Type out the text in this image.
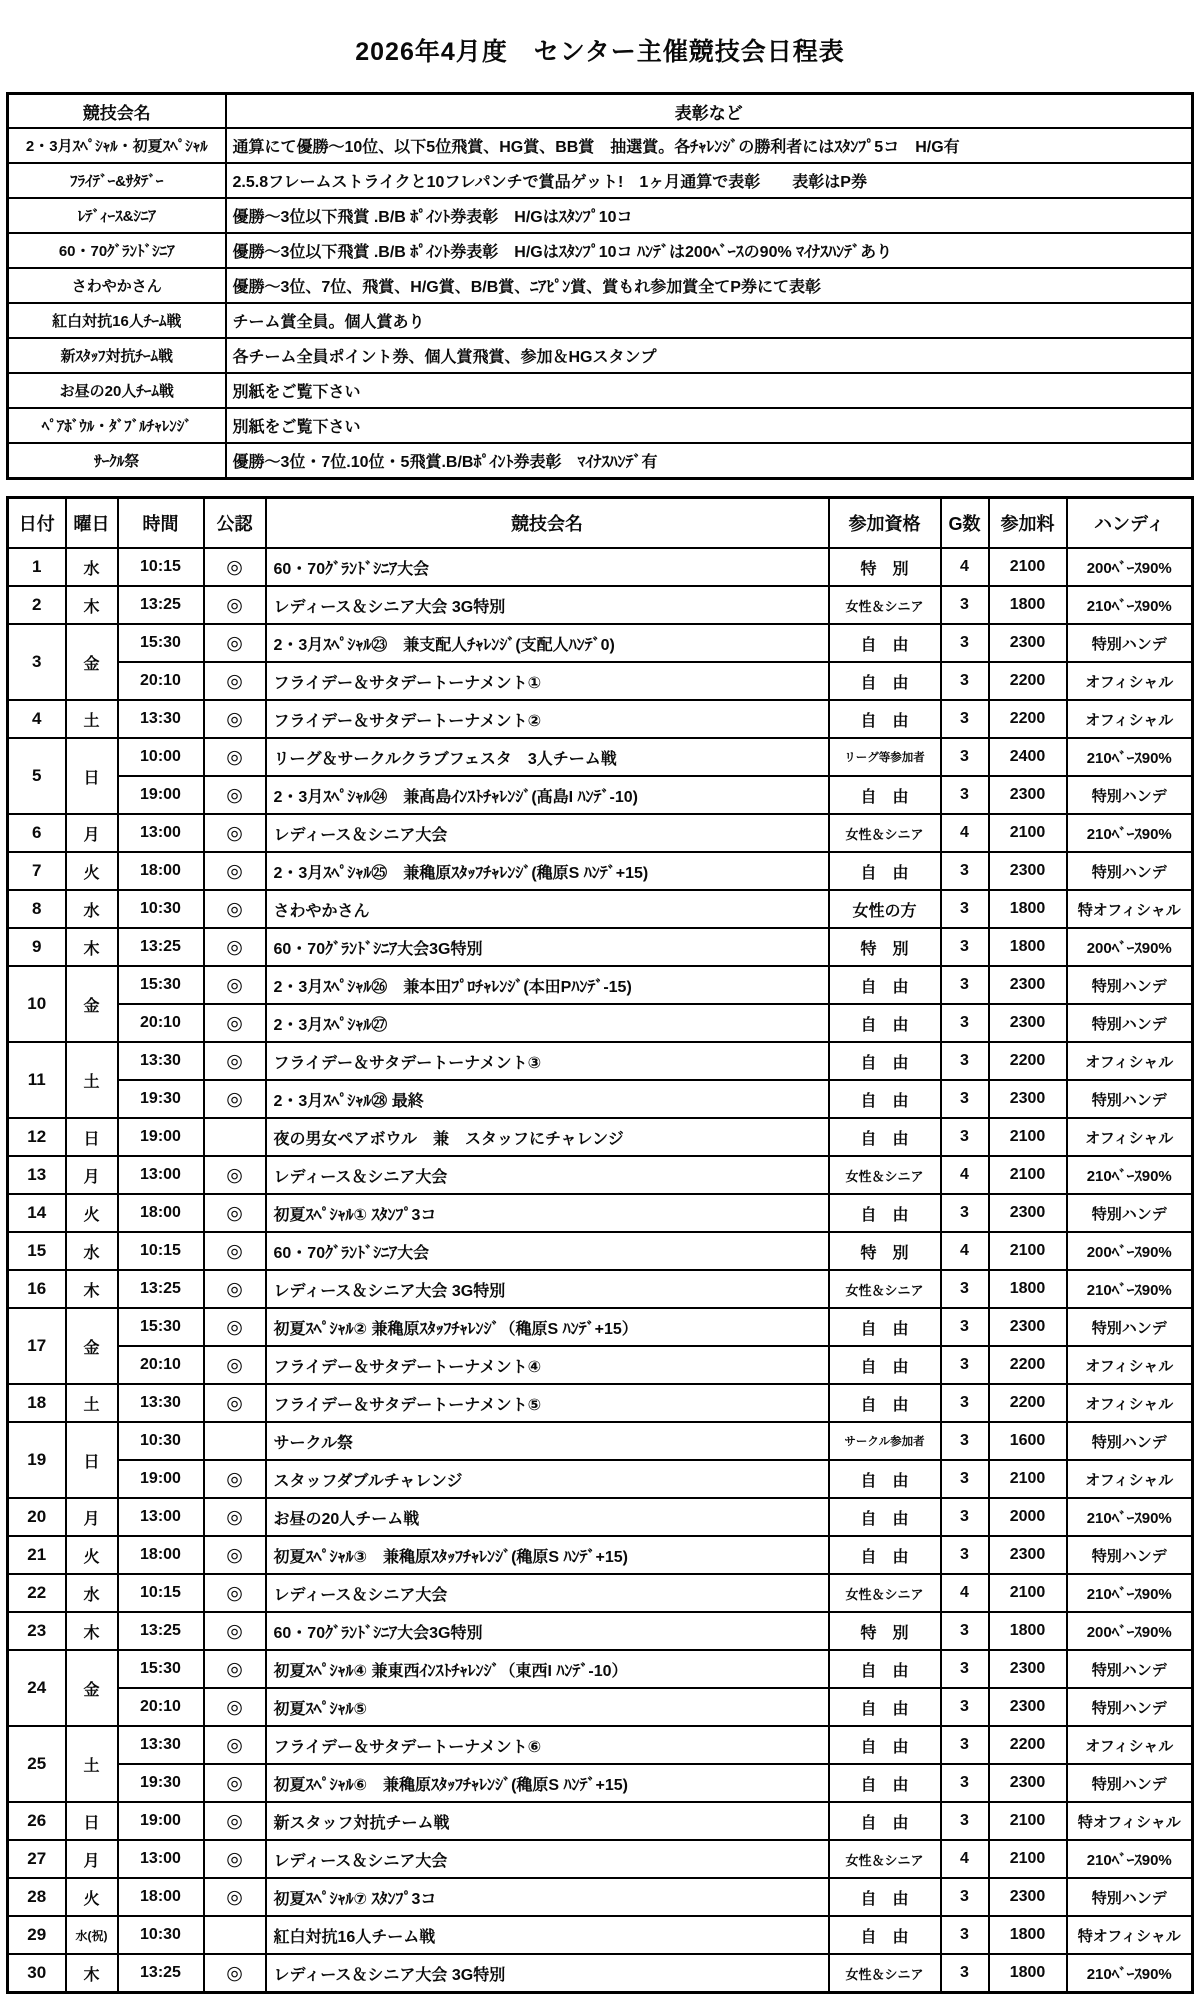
2026年4月度　センター主催競技会日程表
競技会名	表彰など
2・3月ｽﾍﾟｼｬﾙ・初夏ｽﾍﾟｼｬﾙ	通算にて優勝～10位、以下5位飛賞、HG賞、BB賞　抽選賞。各ﾁｬﾚﾝｼﾞの勝利者にはｽﾀﾝﾌﾟ5コ　H/G有
ﾌﾗｲﾃﾞｰ&ｻﾀﾃﾞｰ	2.5.8フレームストライクと10フレパンチで賞品ゲット!　1ヶ月通算で表彰　　表彰はP券
ﾚﾃﾞｨｰｽ&ｼﾆｱ	優勝～3位以下飛賞 .B/B ﾎﾟｲﾝﾄ券表彰　H/Gはｽﾀﾝﾌﾟ10コ
60・70ｸﾞﾗﾝﾄﾞｼﾆｱ	優勝～3位以下飛賞 .B/B ﾎﾟｲﾝﾄ券表彰　H/Gはｽﾀﾝﾌﾟ10コ ﾊﾝﾃﾞは200ﾍﾞｰｽの90% ﾏｲﾅｽﾊﾝﾃﾞあり
さわやかさん	優勝～3位、7位、飛賞、H/G賞、B/B賞、ﾆｱﾋﾟﾝ賞、賞もれ参加賞全てP券にて表彰
紅白対抗16人ﾁｰﾑ戦	チーム賞全員。個人賞あり
新ｽﾀｯﾌ対抗ﾁｰﾑ戦	各チーム全員ポイント券、個人賞飛賞、参加＆HGスタンプ
お昼の20人ﾁｰﾑ戦	別紙をご覧下さい
ﾍﾟｱﾎﾞｳﾙ・ﾀﾞﾌﾞﾙﾁｬﾚﾝｼﾞ	別紙をご覧下さい
ｻｰｸﾙ祭	優勝～3位・7位.10位・5飛賞.B/Bﾎﾟｲﾝﾄ券表彰　ﾏｲﾅｽﾊﾝﾃﾞ有
日付	曜日	時間	公認	競技会名	参加資格	G数	参加料	ハンディ
1	水	10:15	◎	60・70ｸﾞﾗﾝﾄﾞｼﾆｱ大会	特　別	4	2100	200ﾍﾞｰｽ90%
2	木	13:25	◎	レディース＆シニア大会 3G特別	女性＆シニア	3	1800	210ﾍﾞｰｽ90%
3	金	15:30	◎	2・3月ｽﾍﾟｼｬﾙ㉓　兼支配人ﾁｬﾚﾝｼﾞ(支配人ﾊﾝﾃﾞ0)	自　由	3	2300	特別ハンデ
		20:10	◎	フライデー＆サタデートーナメント①	自　由	3	2200	オフィシャル
4	土	13:30	◎	フライデー＆サタデートーナメント②	自　由	3	2200	オフィシャル
5	日	10:00	◎	リーグ＆サークルクラブフェスタ　3人チーム戦	リーグ等参加者	3	2400	210ﾍﾞｰｽ90%
		19:00	◎	2・3月ｽﾍﾟｼｬﾙ㉔　兼髙島ｲﾝｽﾄﾁｬﾚﾝｼﾞ(髙島I ﾊﾝﾃﾞ-10)	自　由	3	2300	特別ハンデ
6	月	13:00	◎	レディース＆シニア大会	女性＆シニア	4	2100	210ﾍﾞｰｽ90%
7	火	18:00	◎	2・3月ｽﾍﾟｼｬﾙ㉕　兼穐原ｽﾀｯﾌﾁｬﾚﾝｼﾞ(穐原S ﾊﾝﾃﾞ+15)	自　由	3	2300	特別ハンデ
8	水	10:30	◎	さわやかさん	女性の方	3	1800	特オフィシャル
9	木	13:25	◎	60・70ｸﾞﾗﾝﾄﾞｼﾆｱ大会3G特別	特　別	3	1800	200ﾍﾞｰｽ90%
10	金	15:30	◎	2・3月ｽﾍﾟｼｬﾙ㉖　兼本田ﾌﾟﾛﾁｬﾚﾝｼﾞ(本田Pﾊﾝﾃﾞ-15)	自　由	3	2300	特別ハンデ
		20:10	◎	2・3月ｽﾍﾟｼｬﾙ㉗	自　由	3	2300	特別ハンデ
11	土	13:30	◎	フライデー＆サタデートーナメント③	自　由	3	2200	オフィシャル
		19:30	◎	2・3月ｽﾍﾟｼｬﾙ㉘ 最終	自　由	3	2300	特別ハンデ
12	日	19:00		夜の男女ペアボウル　兼　スタッフにチャレンジ	自　由	3	2100	オフィシャル
13	月	13:00	◎	レディース＆シニア大会	女性＆シニア	4	2100	210ﾍﾞｰｽ90%
14	火	18:00	◎	初夏ｽﾍﾟｼｬﾙ① ｽﾀﾝﾌﾟ3コ	自　由	3	2300	特別ハンデ
15	水	10:15	◎	60・70ｸﾞﾗﾝﾄﾞｼﾆｱ大会	特　別	4	2100	200ﾍﾞｰｽ90%
16	木	13:25	◎	レディース＆シニア大会 3G特別	女性＆シニア	3	1800	210ﾍﾞｰｽ90%
17	金	15:30	◎	初夏ｽﾍﾟｼｬﾙ② 兼穐原ｽﾀｯﾌﾁｬﾚﾝｼﾞ（穐原S ﾊﾝﾃﾞ+15）	自　由	3	2300	特別ハンデ
		20:10	◎	フライデー＆サタデートーナメント④	自　由	3	2200	オフィシャル
18	土	13:30	◎	フライデー＆サタデートーナメント⑤	自　由	3	2200	オフィシャル
19	日	10:30		サークル祭	サークル参加者	3	1600	特別ハンデ
		19:00	◎	スタッフダブルチャレンジ	自　由	3	2100	オフィシャル
20	月	13:00	◎	お昼の20人チーム戦	自　由	3	2000	210ﾍﾞｰｽ90%
21	火	18:00	◎	初夏ｽﾍﾟｼｬﾙ③　兼穐原ｽﾀｯﾌﾁｬﾚﾝｼﾞ(穐原S ﾊﾝﾃﾞ+15)	自　由	3	2300	特別ハンデ
22	水	10:15	◎	レディース＆シニア大会	女性＆シニア	4	2100	210ﾍﾞｰｽ90%
23	木	13:25	◎	60・70ｸﾞﾗﾝﾄﾞｼﾆｱ大会3G特別	特　別	3	1800	200ﾍﾞｰｽ90%
24	金	15:30	◎	初夏ｽﾍﾟｼｬﾙ④ 兼東西ｲﾝｽﾄﾁｬﾚﾝｼﾞ（東西I ﾊﾝﾃﾞ-10）	自　由	3	2300	特別ハンデ
		20:10	◎	初夏ｽﾍﾟｼｬﾙ⑤	自　由	3	2300	特別ハンデ
25	土	13:30	◎	フライデー＆サタデートーナメント⑥	自　由	3	2200	オフィシャル
		19:30	◎	初夏ｽﾍﾟｼｬﾙ⑥　兼穐原ｽﾀｯﾌﾁｬﾚﾝｼﾞ(穐原S ﾊﾝﾃﾞ+15)	自　由	3	2300	特別ハンデ
26	日	19:00	◎	新スタッフ対抗チーム戦	自　由	3	2100	特オフィシャル
27	月	13:00	◎	レディース＆シニア大会	女性＆シニア	4	2100	210ﾍﾞｰｽ90%
28	火	18:00	◎	初夏ｽﾍﾟｼｬﾙ⑦ ｽﾀﾝﾌﾟ3コ	自　由	3	2300	特別ハンデ
29	水(祝)	10:30		紅白対抗16人チーム戦	自　由	3	1800	特オフィシャル
30	木	13:25	◎	レディース＆シニア大会 3G特別	女性＆シニア	3	1800	210ﾍﾞｰｽ90%
